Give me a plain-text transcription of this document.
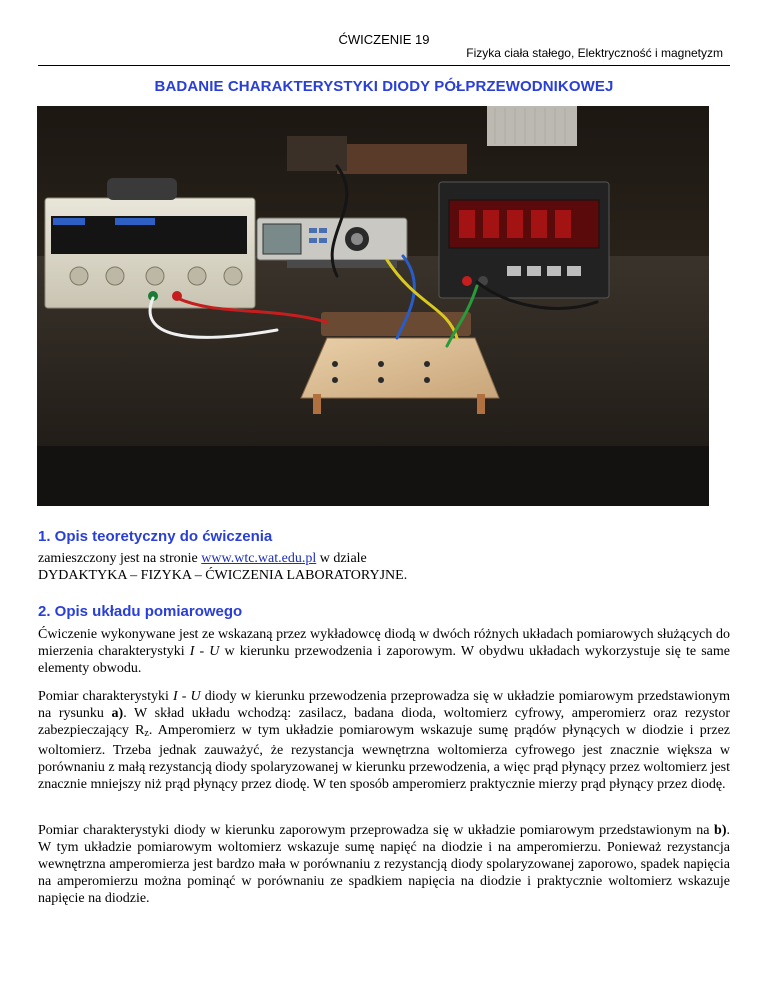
ĆWICZENIE 19
Fizyka ciała stałego, Elektryczność i magnetyzm
BADANIE CHARAKTERYSTYKI DIODY PÓŁPRZEWODNIKOWEJ
1. Opis teoretyczny do ćwiczenia
zamieszczony jest na stronie www.wtc.wat.edu.pl w dziale
DYDAKTYKA – FIZYKA – ĆWICZENIA LABORATORYJNE.
2. Opis układu pomiarowego
Ćwiczenie wykonywane jest ze wskazaną przez wykładowcę diodą w dwóch różnych układach pomiarowych służących do mierzenia charakterystyki I - U w kierunku przewodzenia i zaporowym. W obydwu układach wykorzystuje się te same elementy obwodu.
Pomiar charakterystyki I - U diody w kierunku przewodzenia przeprowadza się w układzie pomiarowym przedstawionym na rysunku a). W skład układu wchodzą: zasilacz, badana dioda, woltomierz cyfrowy, amperomierz oraz rezystor zabezpieczający $R_z$. Amperomierz w tym układzie pomiarowym wskazuje sumę prądów płynących w diodzie i przez woltomierz. Trzeba jednak zauważyć, że rezystancja wewnętrzna woltomierza cyfrowego jest znacznie większa w porównaniu z małą rezystancją diody spolaryzowanej w kierunku przewodzenia, a więc prąd płynący przez woltomierz jest znacznie mniejszy niż prąd płynący przez diodę. W ten sposób amperomierz praktycznie mierzy prąd płynący przez diodę.
Pomiar charakterystyki diody w kierunku zaporowym przeprowadza się w układzie pomiarowym przedstawionym na b). W tym układzie pomiarowym woltomierz wskazuje sumę napięć na diodzie i na amperomierzu. Ponieważ rezystancja wewnętrzna amperomierza jest bardzo mała w porównaniu z rezystancją diody spolaryzowanej zaporowo, spadek napięcia na amperomierzu można pominąć w porównaniu ze spadkiem napięcia na diodzie i praktycznie woltomierz wskazuje napięcie na diodzie.
